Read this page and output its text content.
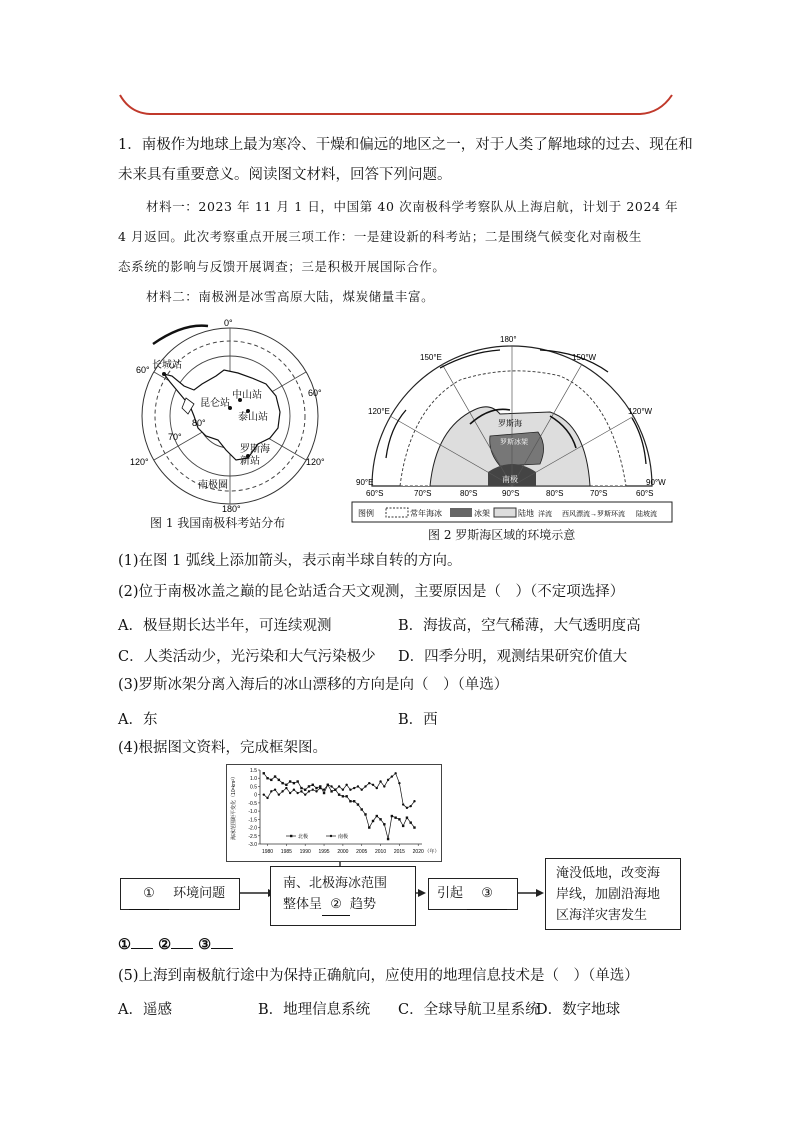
1．南极作为地球上最为寒冷、干燥和偏远的地区之一，对于人类了解地球的过去、现在和
未来具有重要意义。阅读图文材料，回答下列问题。
材料一：2023 年 11 月 1 日，中国第 40 次南极科学考察队从上海启航，计划于 2024 年
4 月返回。此次考察重点开展三项工作：一是建设新的科考站；二是围绕气候变化对南极生
态系统的影响与反馈开展调查；三是积极开展国际合作。
材料二：南极洲是冰雪高原大陆，煤炭储量丰富。
0°
60°
60°
80°
70°
120°	120°
180°
长城站
中山站
昆仑站
泰山站
罗斯海
新站
南极圈
图 1 我国南极科考站分布
180°
150°E	150°W
120°E	120°W
90°E	90°W
60°S	70°S	80°S	90°S	80°S	70°S	60°S
罗斯海
罗斯冰架
南极
图例	常年海冰	冰架	陆地 洋流 西风漂流→罗斯环流 陆坡流
图 2 罗斯海区域的环境示意
(1)在图 1 弧线上添加箭头，表示南半球自转的方向。
(2)位于南极冰盖之巅的昆仑站适合天文观测，主要原因是（　）（不定项选择）
A．极昼期长达半年，可连续观测	B．海拔高，空气稀薄，大气透明度高
C．人类活动少，光污染和大气污染极少 D．四季分明，观测结果研究价值大
(3)罗斯冰架分离入海后的冰山漂移的方向是向（　）（单选）
A．东	B．西
(4)根据图文资料，完成框架图。
1.5
1.0
0.5
0
-0.5
-1.0
-1.5
-2.0
-2.5
-3.0
1980 1985 1990 1995 2000 2005 2010 2015 2020 （年）
海冰范围距平变化（10⁶km²）	北极	南极
① 环境问题
南、北极海冰范围
整体呈 ② 趋势
引起 ③
淹没低地，改变海
岸线，加剧沿海地
区海洋灾害发生
① ② ③
(5)上海到南极航行途中为保持正确航向，应使用的地理信息技术是（　）（单选）
A．遥感	B．地理信息系统 C．全球导航卫星系统
D．数字地球
